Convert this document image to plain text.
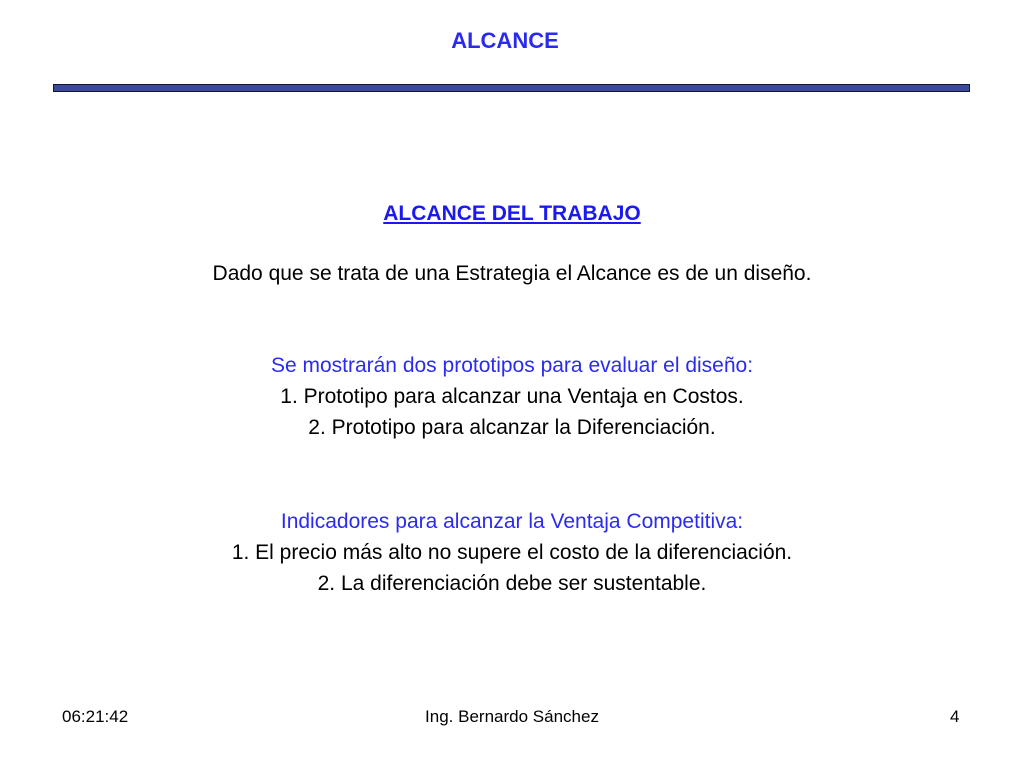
ALCANCE
ALCANCE DEL TRABAJO
Dado que se trata de una Estrategia el Alcance es de un diseño.
Se mostrarán dos prototipos para evaluar el diseño:
1. Prototipo para alcanzar una Ventaja en Costos.
2. Prototipo para alcanzar la Diferenciación.
Indicadores para alcanzar la Ventaja Competitiva:
1. El precio más alto no supere el costo de la diferenciación.
2. La diferenciación debe ser sustentable.
06:21:42	Ing. Bernardo Sánchez	4
